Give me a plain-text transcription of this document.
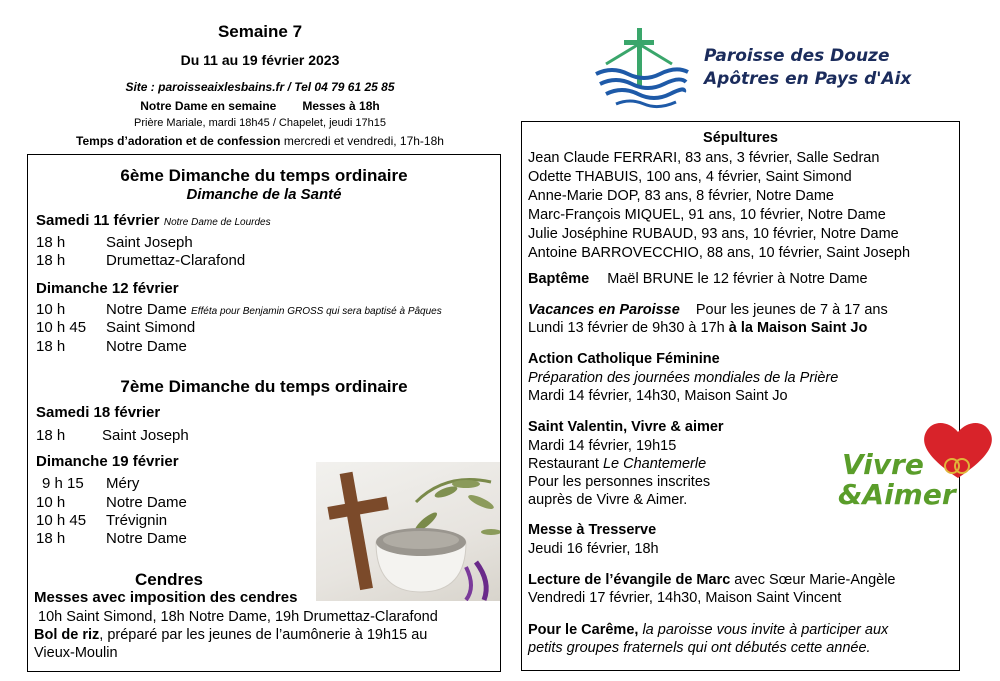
Semaine 7
Du 11 au 19 février 2023
Site : paroisseaixlesbains.fr / Tel 04 79 61 25 85
Notre Dame en semaine Messes à 18h
Prière Mariale, mardi 18h45 / Chapelet, jeudi 17h15
Temps d’adoration et de confession mercredi et vendredi, 17h-18h
Paroisse des Douze
Apôtres en Pays d'Aix
6ème Dimanche du temps ordinaire
Dimanche de la Santé
Samedi 11 février Notre Dame de Lourdes
18 h	Saint Joseph
18 h	Drumettaz-Clarafond
Dimanche 12 février
10 h	Notre Dame Efféta pour Benjamin GROSS qui sera baptisé à Pâques
10 h 45 Saint Simond
18 h	Notre Dame
7ème Dimanche du temps ordinaire
Samedi 18 février
18 h Saint Joseph
Dimanche 19 février
9 h 15 Méry
10 h	Notre Dame
10 h 45 Trévignin
18 h	Notre Dame
Cendres
Messes avec imposition des cendres
10h Saint Simond, 18h Notre Dame, 19h Drumettaz-Clarafond
Bol de riz, préparé par les jeunes de l’aumônerie à 19h15 au
Vieux-Moulin
Sépultures
Jean Claude FERRARI, 83 ans, 3 février, Salle Sedran
Odette THABUIS, 100 ans, 4 février, Saint Simond
Anne-Marie DOP, 83 ans, 8 février, Notre Dame
Marc-François MIQUEL, 91 ans, 10 février, Notre Dame
Julie Joséphine RUBAUD, 93 ans, 10 février, Notre Dame
Antoine BARROVECCHIO, 88 ans, 10 février, Saint Joseph
Baptême Maël BRUNE le 12 février à Notre Dame
Vacances en Paroisse Pour les jeunes de 7 à 17 ans
Lundi 13 février de 9h30 à 17h à la Maison Saint Jo
Action Catholique Féminine
Préparation des journées mondiales de la Prière
Mardi 14 février, 14h30, Maison Saint Jo
Saint Valentin, Vivre & aimer
Mardi 14 février, 19h15
Restaurant Le Chantemerle
Pour les personnes inscrites
auprès de Vivre & Aimer.
Vivre
&Aimer
Messe à Tresserve
Jeudi 16 février, 18h
Lecture de l’évangile de Marc avec Sœur Marie-Angèle
Vendredi 17 février, 14h30, Maison Saint Vincent
Pour le Carême, la paroisse vous invite à participer aux
petits groupes fraternels qui ont débutés cette année.
